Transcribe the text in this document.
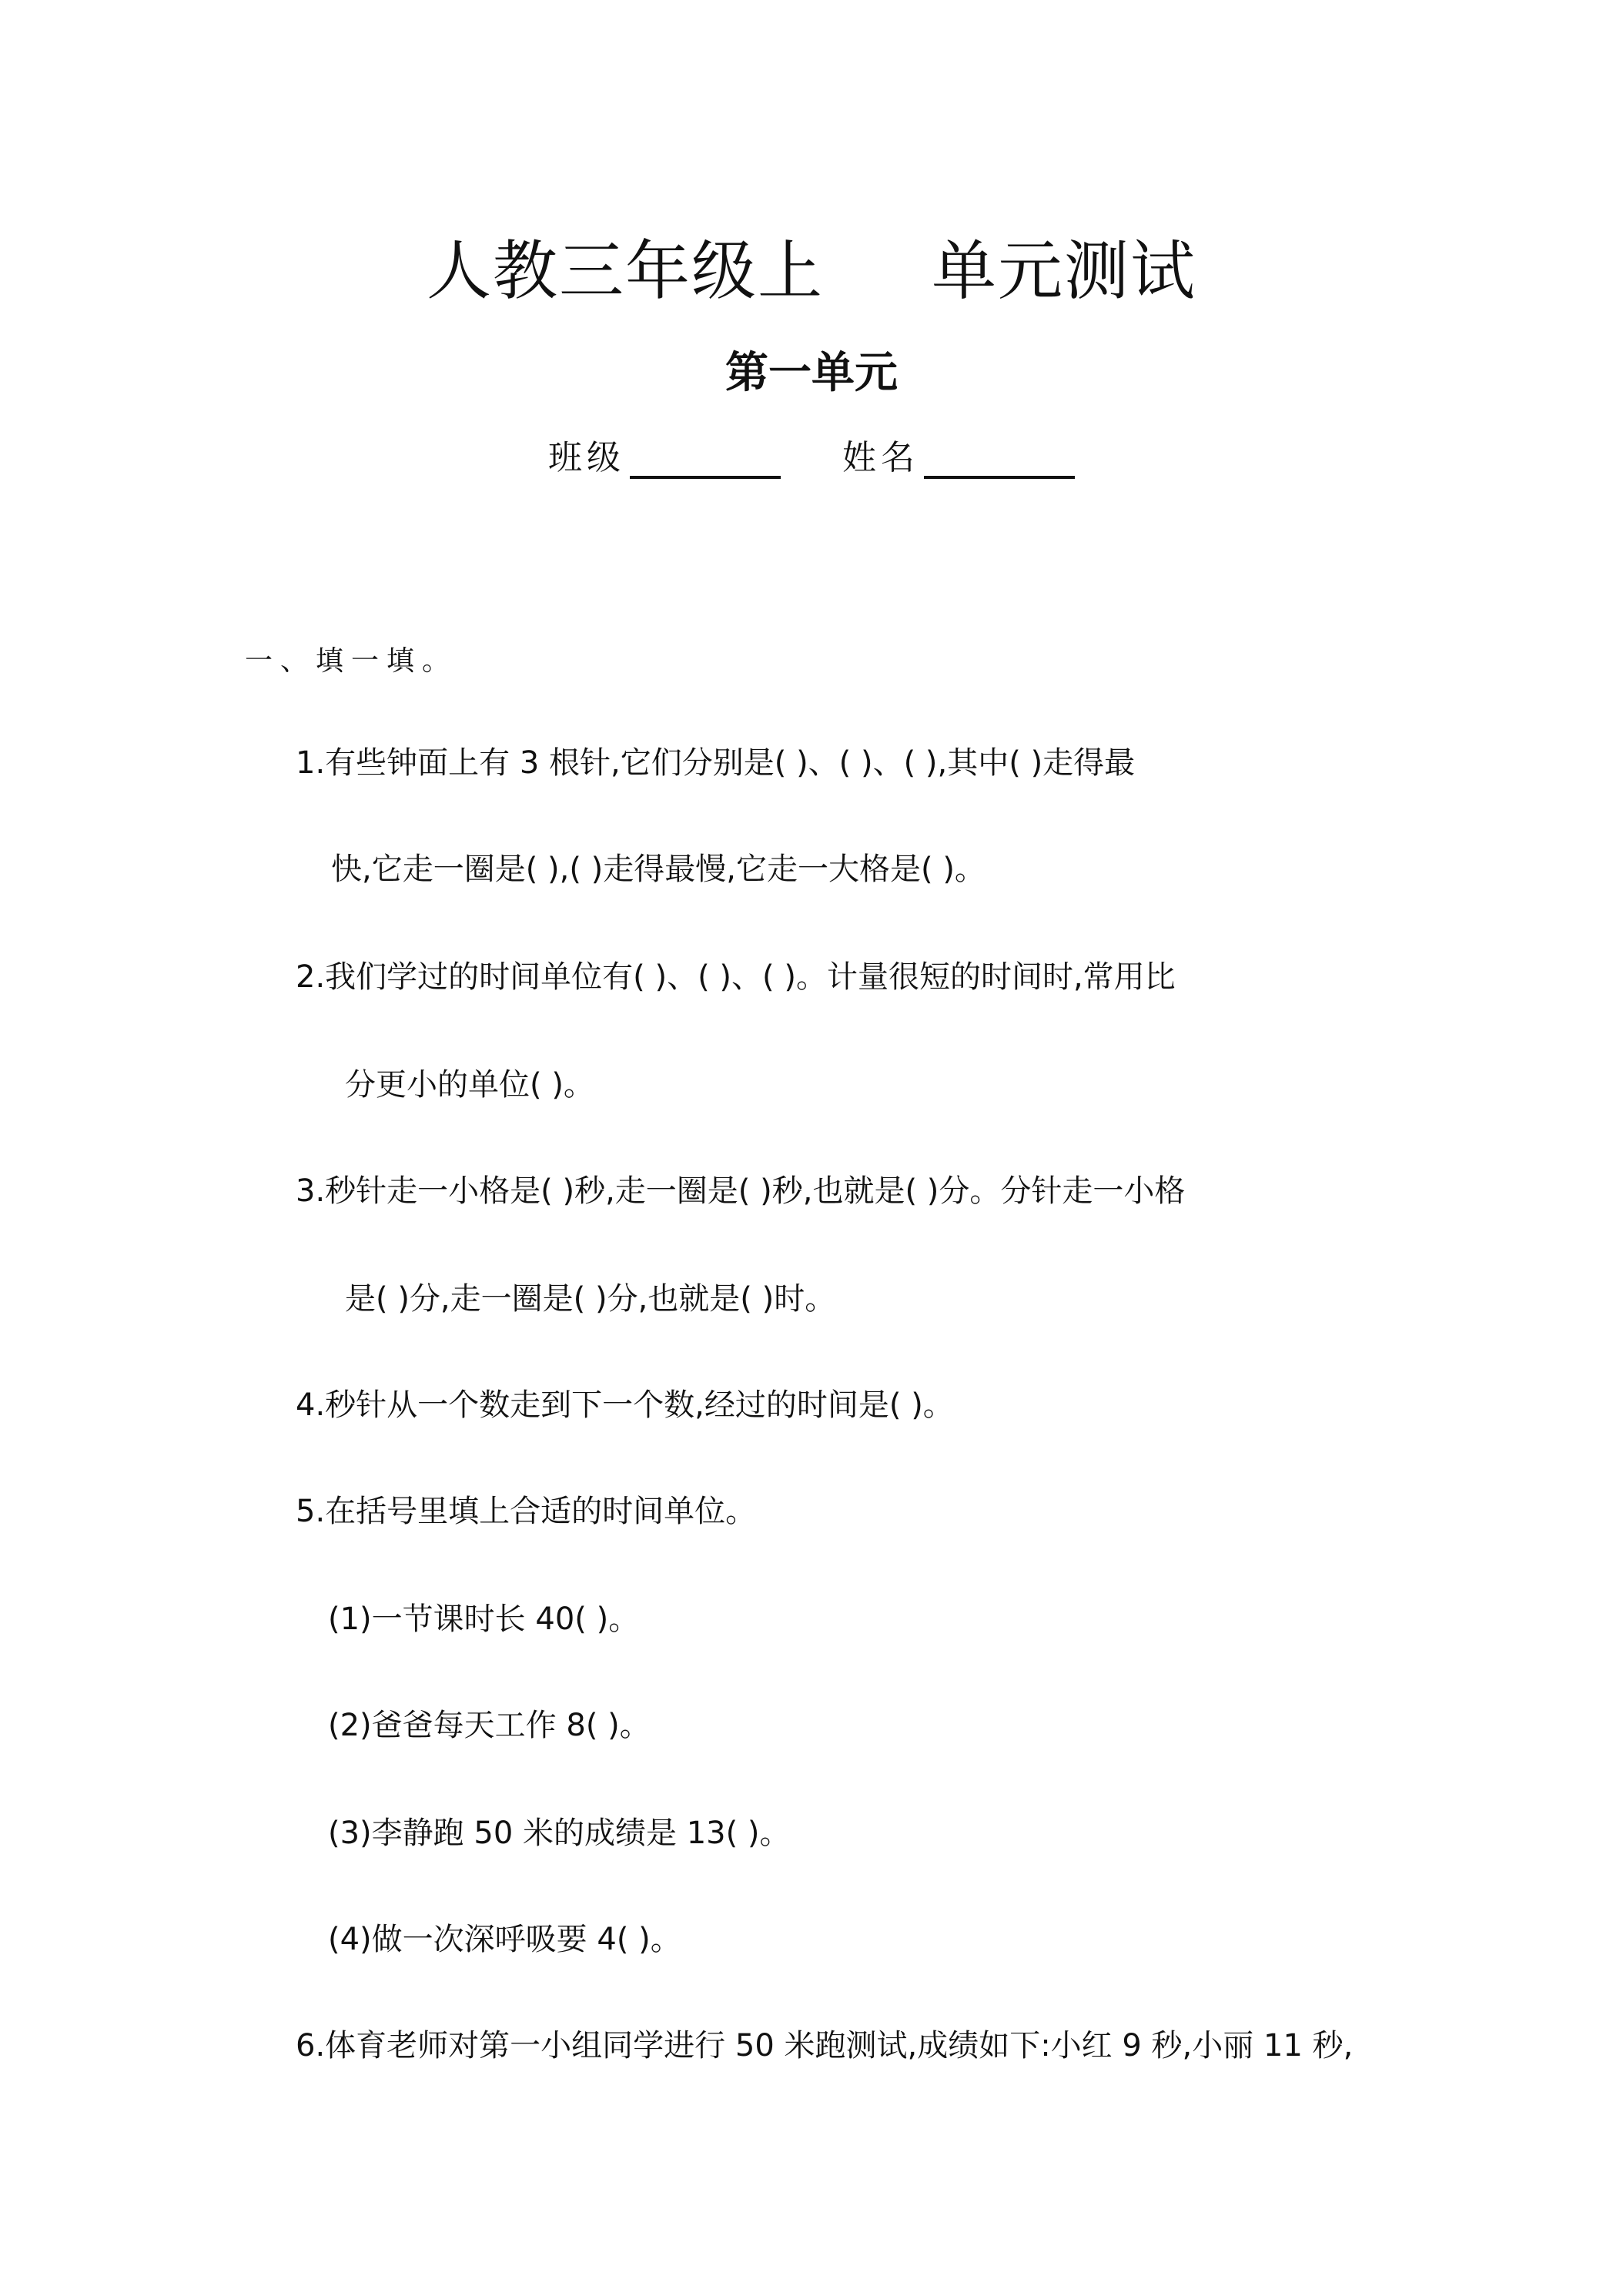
人教三年级上 单元测试
第一单元
班级	姓名
一、填一填。
1.有些钟面上有 3 根针,它们分别是( )、( )、( ),其中( )走得最
快,它走一圈是( ),( )走得最慢,它走一大格是( )。
2.我们学过的时间单位有( )、( )、( )。计量很短的时间时,常用比
分更小的单位( )。
3.秒针走一小格是( )秒,走一圈是( )秒,也就是( )分。分针走一小格
是( )分,走一圈是( )分,也就是( )时。
4.秒针从一个数走到下一个数,经过的时间是( )。
5.在括号里填上合适的时间单位。
(1)一节课时长 40( )。
(2)爸爸每天工作 8( )。
(3)李静跑 50 米的成绩是 13( )。
(4)做一次深呼吸要 4( )。
6.体育老师对第一小组同学进行 50 米跑测试,成绩如下:小红 9 秒,小丽 11 秒,
